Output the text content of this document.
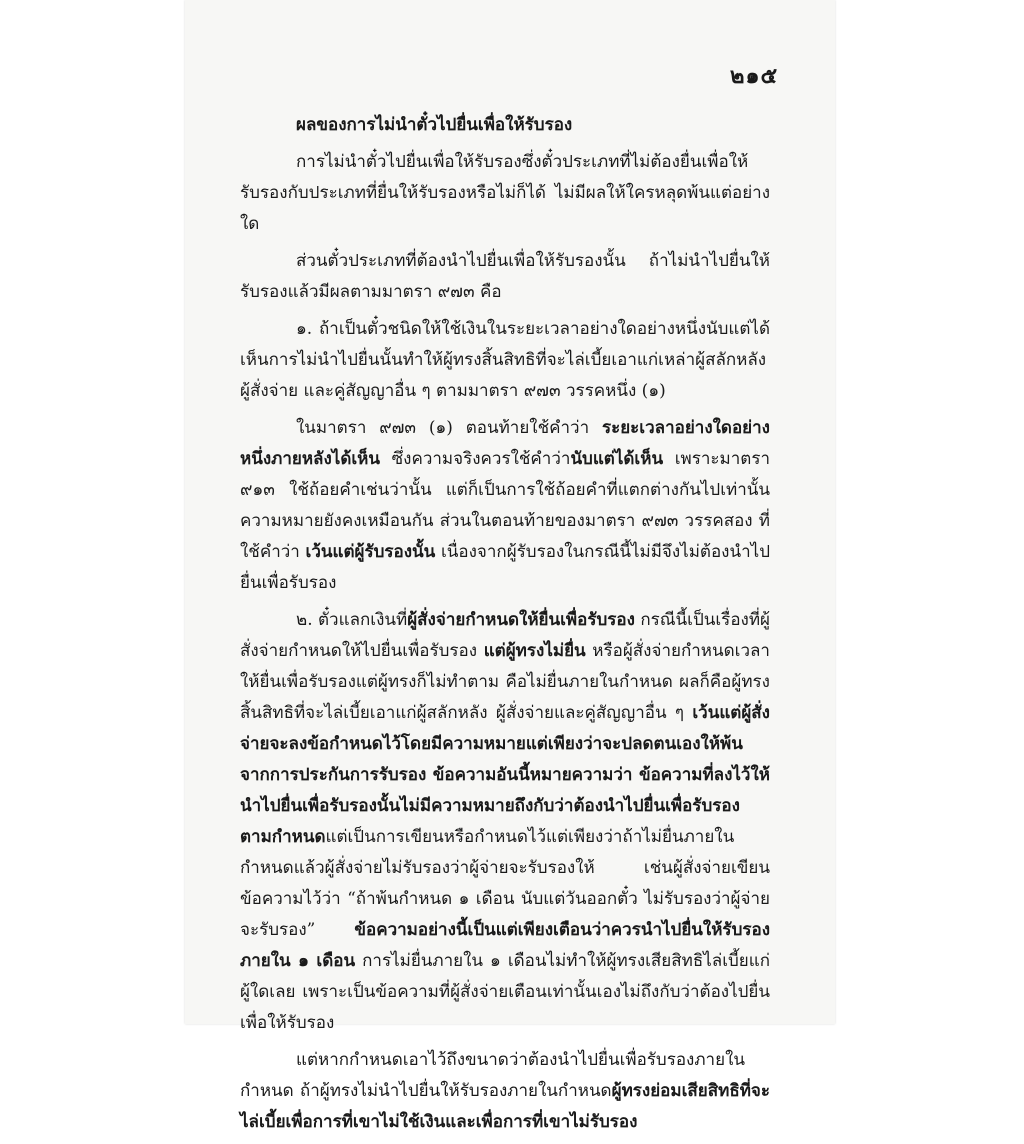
๒๑๕

ผลของการไม่นำตั๋วไปยื่นเพื่อให้รับรอง

การไม่นำตั๋วไปยื่นเพื่อให้รับรองซึ่งตั๋วประเภทที่ไม่ต้องยื่นเพื่อให้รับรองกับประเภทที่ยื่นให้รับรองหรือไม่ก็ได้ ไม่มีผลให้ใครหลุดพ้นแต่อย่างใด

ส่วนตั๋วประเภทที่ต้องนำไปยื่นเพื่อให้รับรองนั้น ถ้าไม่นำไปยื่นให้รับรองแล้วมีผลตามมาตรา ๙๗๓ คือ

๑. ถ้าเป็นตั๋วชนิดให้ใช้เงินในระยะเวลาอย่างใดอย่างหนึ่งนับแต่ได้เห็นการไม่นำไปยื่นนั้นทำให้ผู้ทรงสิ้นสิทธิที่จะไล่เบี้ยเอาแก่เหล่าผู้สลักหลัง ผู้สั่งจ่าย และคู่สัญญาอื่น ๆ ตามมาตรา ๙๗๓ วรรคหนึ่ง (๑)

ในมาตรา ๙๗๓ (๑) ตอนท้ายใช้คำว่า ระยะเวลาอย่างใดอย่างหนึ่งภายหลังได้เห็น ซึ่งความจริงควรใช้คำว่านับแต่ได้เห็น เพราะมาตรา ๙๑๓ ใช้ถ้อยคำเช่นว่านั้น แต่ก็เป็นการใช้ถ้อยคำที่แตกต่างกันไปเท่านั้น ความหมายยังคงเหมือนกัน ส่วนในตอนท้ายของมาตรา ๙๗๓ วรรคสอง ที่ใช้คำว่า เว้นแต่ผู้รับรองนั้น เนื่องจากผู้รับรองในกรณีนี้ไม่มีจึงไม่ต้องนำไปยื่นเพื่อรับรอง

๒. ตั๋วแลกเงินที่ผู้สั่งจ่ายกำหนดให้ยื่นเพื่อรับรอง กรณีนี้เป็นเรื่องที่ผู้สั่งจ่ายกำหนดให้ไปยื่นเพื่อรับรอง แต่ผู้ทรงไม่ยื่น หรือผู้สั่งจ่ายกำหนดเวลาให้ยื่นเพื่อรับรองแต่ผู้ทรงก็ไม่ทำตาม คือไม่ยื่นภายในกำหนด ผลก็คือผู้ทรงสิ้นสิทธิที่จะไล่เบี้ยเอาแก่ผู้สลักหลัง ผู้สั่งจ่ายและคู่สัญญาอื่น ๆ เว้นแต่ผู้สั่งจ่ายจะลงข้อกำหนดไว้โดยมีความหมายแต่เพียงว่าจะปลดตนเองให้พ้นจากการประกันการรับรอง ข้อความอันนี้หมายความว่า ข้อความที่ลงไว้ให้นำไปยื่นเพื่อรับรองนั้นไม่มีความหมายถึงกับว่าต้องนำไปยื่นเพื่อรับรองตามกำหนดแต่เป็นการเขียนหรือกำหนดไว้แต่เพียงว่าถ้าไม่ยื่นภายในกำหนดแล้วผู้สั่งจ่ายไม่รับรองว่าผู้จ่ายจะรับรองให้ เช่นผู้สั่งจ่ายเขียนข้อความไว้ว่า “ถ้าพ้นกำหนด ๑ เดือน นับแต่วันออกตั๋ว ไม่รับรองว่าผู้จ่ายจะรับรอง” ข้อความอย่างนี้เป็นแต่เพียงเตือนว่าควรนำไปยื่นให้รับรองภายใน ๑ เดือน การไม่ยื่นภายใน ๑ เดือนไม่ทำให้ผู้ทรงเสียสิทธิไล่เบี้ยแก่ผู้ใดเลย เพราะเป็นข้อความที่ผู้สั่งจ่ายเตือนเท่านั้นเองไม่ถึงกับว่าต้องไปยื่นเพื่อให้รับรอง

แต่หากกำหนดเอาไว้ถึงขนาดว่าต้องนำไปยื่นเพื่อรับรองภายในกำหนด ถ้าผู้ทรงไม่นำไปยื่นให้รับรองภายในกำหนดผู้ทรงย่อมเสียสิทธิที่จะไล่เบี้ยเพื่อการที่เขาไม่ใช้เงินและเพื่อการที่เขาไม่รับรอง
